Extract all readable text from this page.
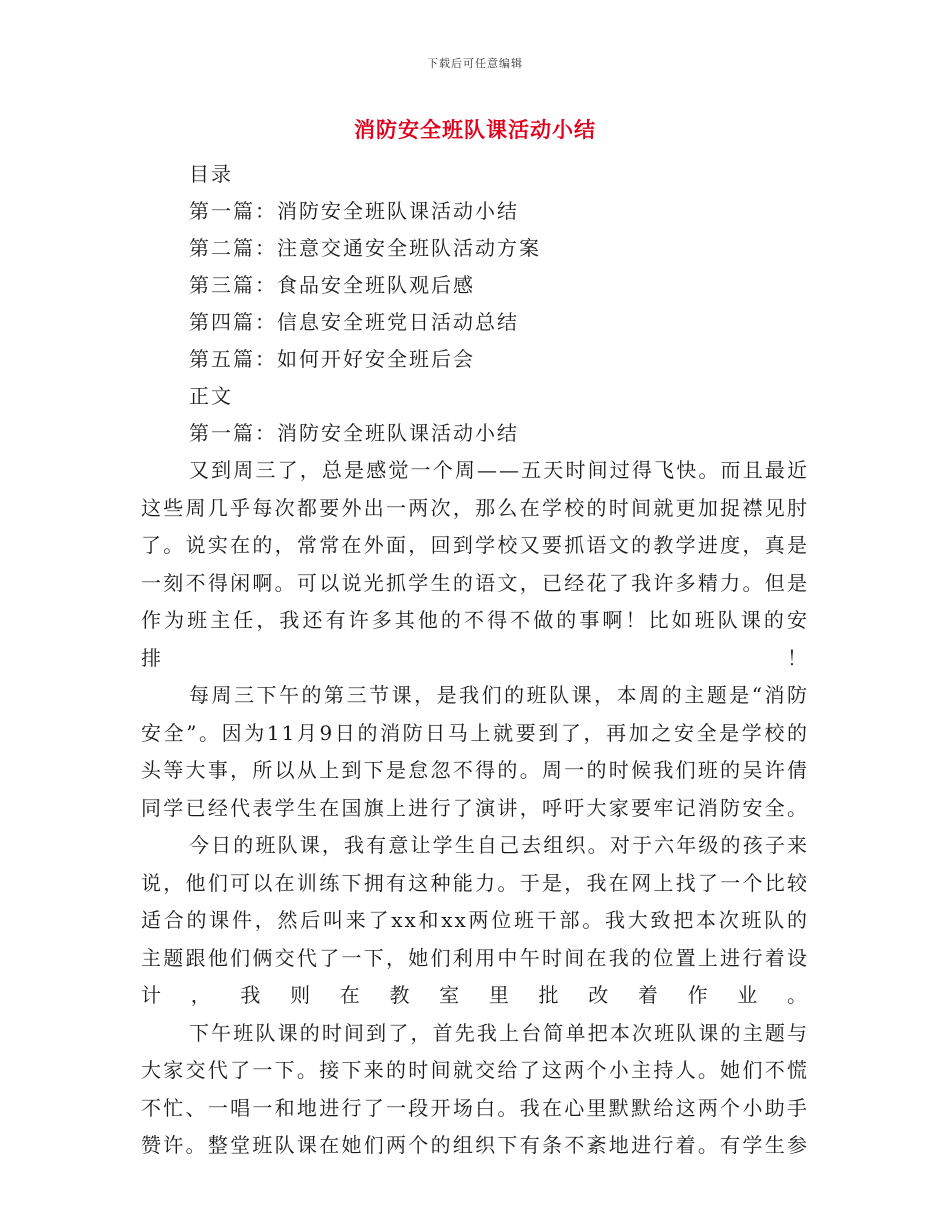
下载后可任意编辑
消防安全班队课活动小结
目录
第一篇：消防安全班队课活动小结
第二篇：注意交通安全班队活动方案
第三篇：食品安全班队观后感
第四篇：信息安全班党日活动总结
第五篇：如何开好安全班后会
正文
第一篇：消防安全班队课活动小结

又到周三了，总是感觉一个周——五天时间过得飞快。而且最近这些周几乎每次都要外出一两次，那么在学校的时间就更加捉襟见肘了。说实在的，常常在外面，回到学校又要抓语文的教学进度，真是一刻不得闲啊。可以说光抓学生的语文，已经花了我许多精力。但是作为班主任，我还有许多其他的不得不做的事啊！比如班队课的安排！

每周三下午的第三节课，是我们的班队课，本周的主题是“消防安全”。因为11月9日的消防日马上就要到了，再加之安全是学校的头等大事，所以从上到下是怠忽不得的。周一的时候我们班的吴许倩同学已经代表学生在国旗上进行了演讲，呼吁大家要牢记消防安全。

今日的班队课，我有意让学生自己去组织。对于六年级的孩子来说，他们可以在训练下拥有这种能力。于是，我在网上找了一个比较适合的课件，然后叫来了xx和xx两位班干部。我大致把本次班队的主题跟他们俩交代了一下，她们利用中午时间在我的位置上进行着设计，我则在教室里批改着作业。

下午班队课的时间到了，首先我上台简单把本次班队课的主题与大家交代了一下。接下来的时间就交给了这两个小主持人。她们不慌不忙、一唱一和地进行了一段开场白。我在心里默默给这两个小助手赞许。整堂班队课在她们两个的组织下有条不紊地进行着。有学生参
